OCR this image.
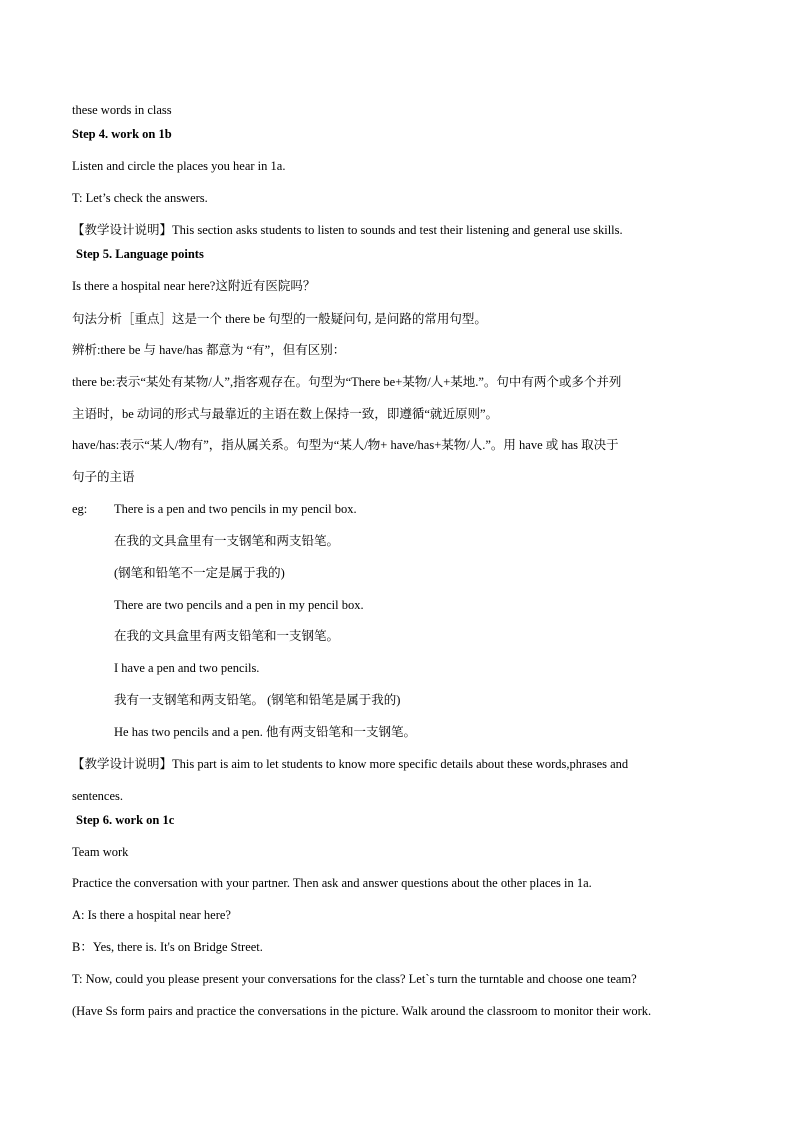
these words in class
Step 4. work on 1b
Listen and circle the places you hear in 1a.
T: Let’s check the answers.
【教学设计说明】This section asks students to listen to sounds and test their listening and general use skills.
Step 5. Language points
Is there a hospital near here?这附近有医院吗？
句法分析［重点］这是一个 there be 句型的一般疑问句, 是问路的常用句型。
辨析:there be 与 have/has 都意为 “有”，但有区别：
there be:表示“某处有某物/人”,指客观存在。句型为“There be+某物/人+某地.”。句中有两个或多个并列
主语时，be 动词的形式与最靠近的主语在数上保持一致，即遵循“就近原则”。
have/has:表示“某人/物有”，指从属关系。句型为“某人/物+ have/has+某物/人.”。用 have 或 has 取决于
句子的主语
eg: There is a pen and two pencils in my pencil box.
在我的文具盒里有一支钢笔和两支铅笔。
(钢笔和铅笔不一定是属于我的)
There are two pencils and a pen in my pencil box.
在我的文具盒里有两支铅笔和一支钢笔。
I have a pen and two pencils.
我有一支钢笔和两支铅笔。 (钢笔和铅笔是属于我的)
He has two pencils and a pen. 他有两支铅笔和一支钢笔。
【教学设计说明】This part is aim to let students to know more specific details about these words,phrases and
sentences.
Step 6. work on 1c
Team work
Practice the conversation with your partner. Then ask and answer questions about the other places in 1a.
A: Is there a hospital near here?
B：Yes, there is. It's on Bridge Street.
T: Now, could you please present your conversations for the class? Let`s turn the turntable and choose one team?
(Have Ss form pairs and practice the conversations in the picture. Walk around the classroom to monitor their work.
